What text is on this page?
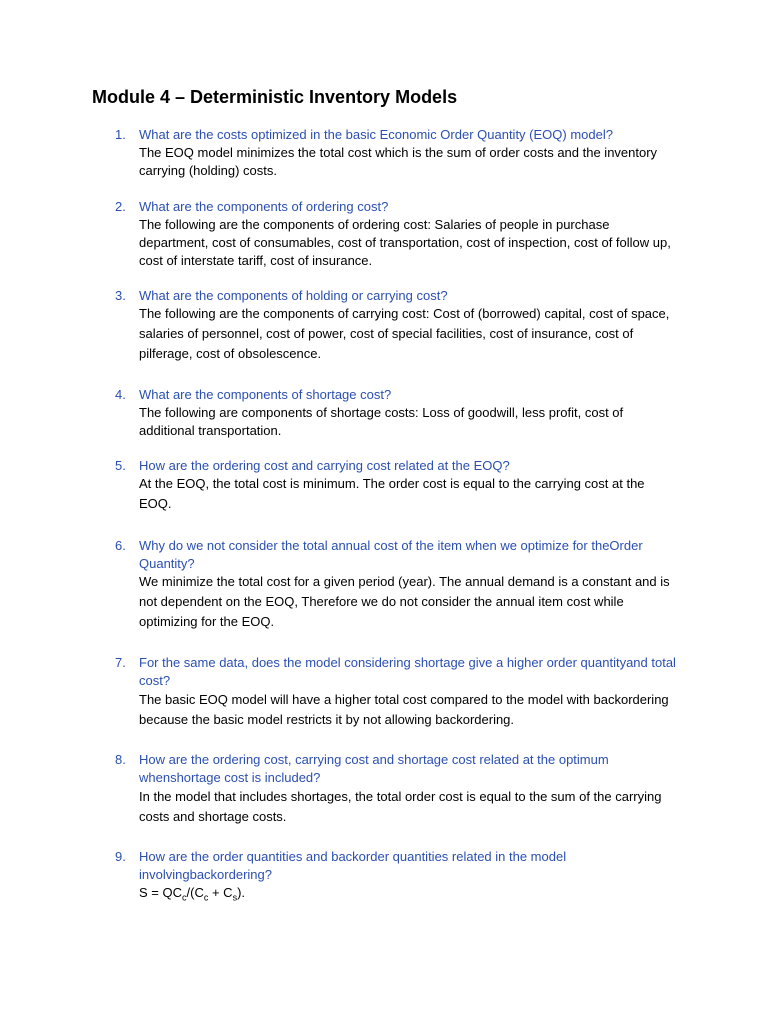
Module 4 – Deterministic Inventory Models
1. What are the costs optimized in the basic Economic Order Quantity (EOQ) model?
The EOQ model minimizes the total cost which is the sum of order costs and the inventory carrying (holding) costs.
2. What are the components of ordering cost?
The following are the components of ordering cost: Salaries of people in purchase department, cost of consumables, cost of transportation, cost of inspection, cost of follow up, cost of interstate tariff, cost of insurance.
3. What are the components of holding or carrying cost?
The following are the components of carrying cost: Cost of (borrowed) capital, cost of space, salaries of personnel, cost of power, cost of special facilities, cost of insurance, cost of pilferage, cost of obsolescence.
4. What are the components of shortage cost?
The following are components of shortage costs: Loss of goodwill, less profit, cost of additional transportation.
5. How are the ordering cost and carrying cost related at the EOQ?
At the EOQ, the total cost is minimum. The order cost is equal to the carrying cost at the EOQ.
6. Why do we not consider the total annual cost of the item when we optimize for theOrder Quantity?
We minimize the total cost for a given period (year). The annual demand is a constant and is not dependent on the EOQ, Therefore we do not consider the annual item cost while optimizing for the EOQ.
7. For the same data, does the model considering shortage give a higher order quantityand total cost?
The basic EOQ model will have a higher total cost compared to the model with backordering because the basic model restricts it by not allowing backordering.
8. How are the ordering cost, carrying cost and shortage cost related at the optimum whenshortage cost is included?
In the model that includes shortages, the total order cost is equal to the sum of the carrying costs and shortage costs.
9. How are the order quantities and backorder quantities related in the model involvingbackordering?
$S = QC_c/(C_c + C_s)$.
